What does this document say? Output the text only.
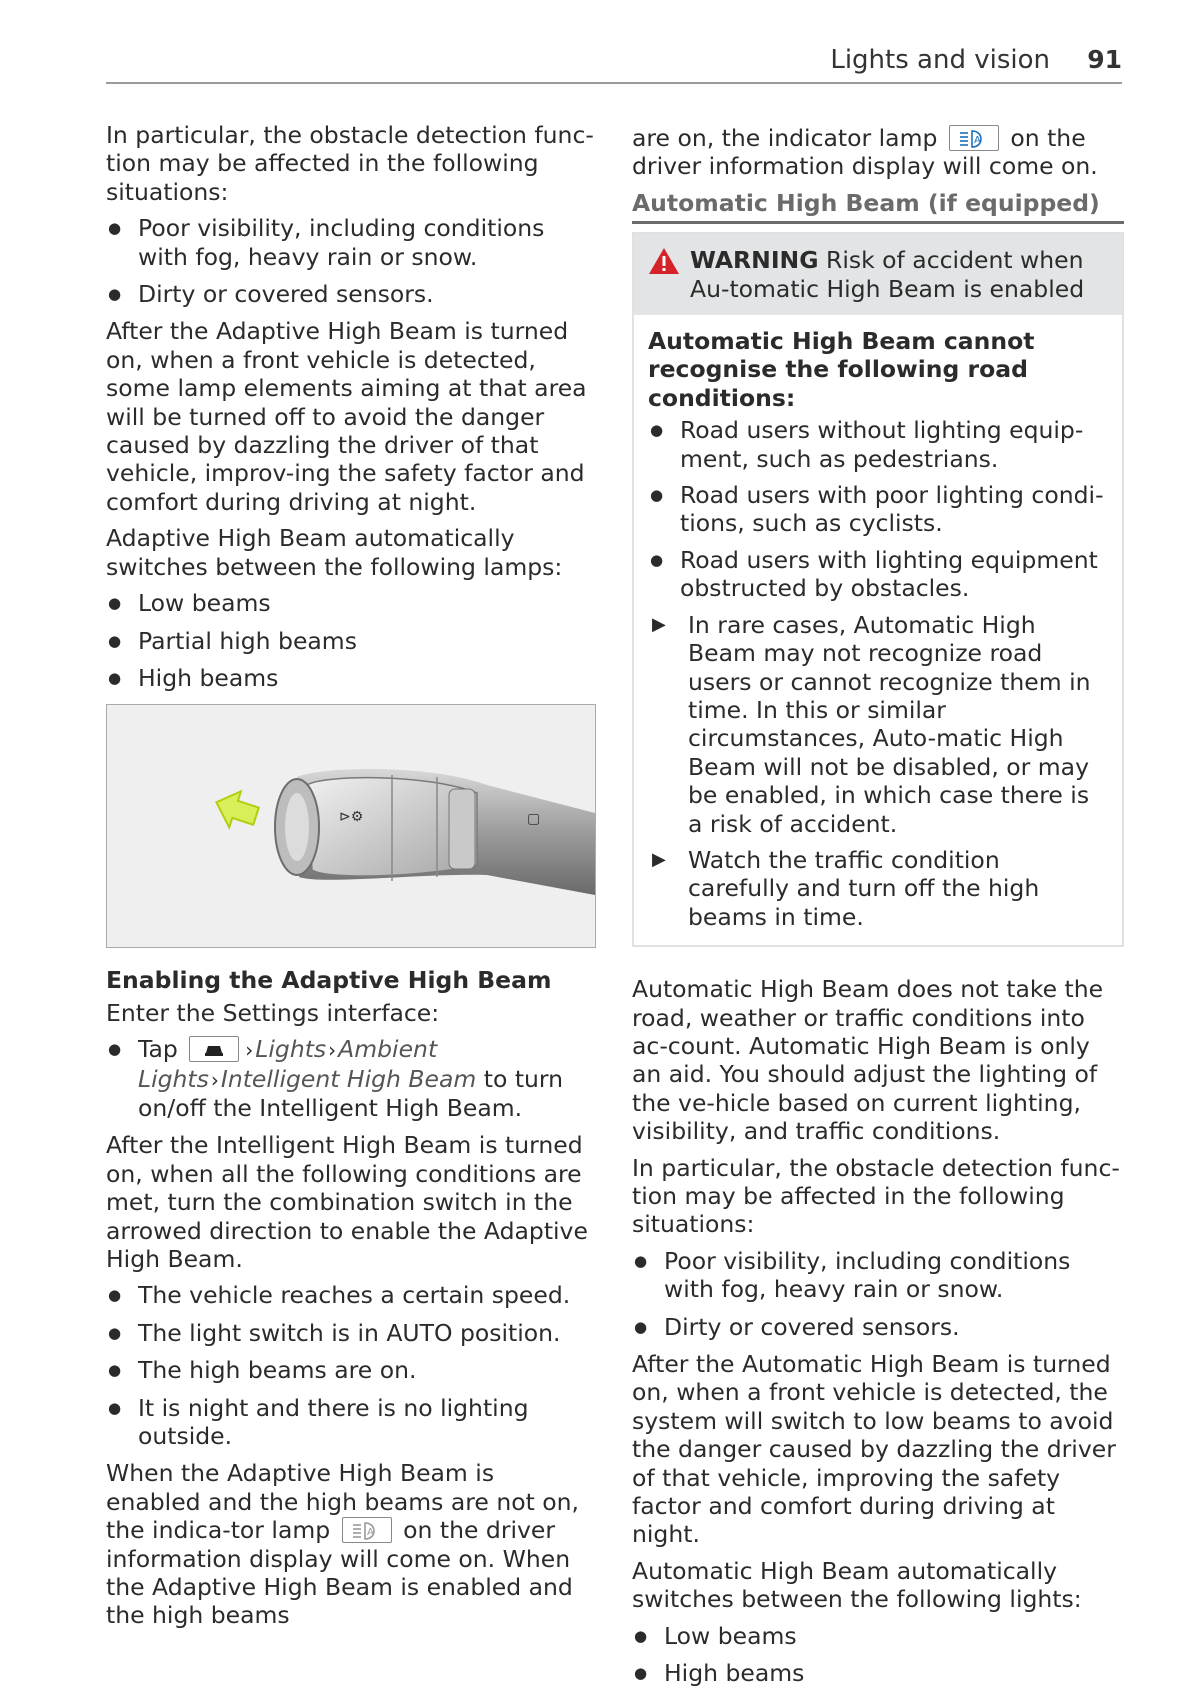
Lights and vision 91

In particular, the obstacle detection func-tion may be affected in the following situations:

● Poor visibility, including conditions with fog, heavy rain or snow.
● Dirty or covered sensors.

After the Adaptive High Beam is turned on, when a front vehicle is detected, some lamp elements aiming at that area will be turned off to avoid the danger caused by dazzling the driver of that vehicle, improv-ing the safety factor and comfort during driving at night.

Adaptive High Beam automatically switches between the following lamps:

● Low beams
● Partial high beams
● High beams
⊳⚙	▢
Enabling the Adaptive High Beam

Enter the Settings interface:

● Tap	›Lights ›Ambient Lights ›Intelligent High Beam to turn on/off the Intelligent High Beam.

After the Intelligent High Beam is turned on, when all the following conditions are met, turn the combination switch in the arrowed direction to enable the Adaptive High Beam.

● The vehicle reaches a certain speed.
● The light switch is in AUTO position.
● The high beams are on.
● It is night and there is no lighting outside.

When the Adaptive High Beam is enabled and the high beams are not on, the indica-tor lamp	A on the driver information display will come on. When the Adaptive High Beam is enabled and the high beams

are on, the indicator lamp	A on the driver information display will come on.

Automatic High Beam (if equipped)
WARNING Risk of accident when Au-tomatic High Beam is enabled
Automatic High Beam cannot recognise the following road conditions:
● Road users without lighting equip-ment, such as pedestrians.
● Road users with poor lighting condi-tions, such as cyclists.
● Road users with lighting equipment obstructed by obstacles.
▶ In rare cases, Automatic High Beam may not recognize road users or cannot recognize them in time. In this or similar circumstances, Auto-matic High Beam will not be disabled, or may be enabled, in which case there is a risk of accident.
▶ Watch the traffic condition carefully and turn off the high beams in time.

Automatic High Beam does not take the road, weather or traffic conditions into ac-count. Automatic High Beam is only an aid. You should adjust the lighting of the ve-hicle based on current lighting, visibility, and traffic conditions.

In particular, the obstacle detection func-tion may be affected in the following situations:

● Poor visibility, including conditions with fog, heavy rain or snow.
● Dirty or covered sensors.

After the Automatic High Beam is turned on, when a front vehicle is detected, the system will switch to low beams to avoid the danger caused by dazzling the driver of that vehicle, improving the safety factor and comfort during driving at night.

Automatic High Beam automatically switches between the following lights:

● Low beams
● High beams
